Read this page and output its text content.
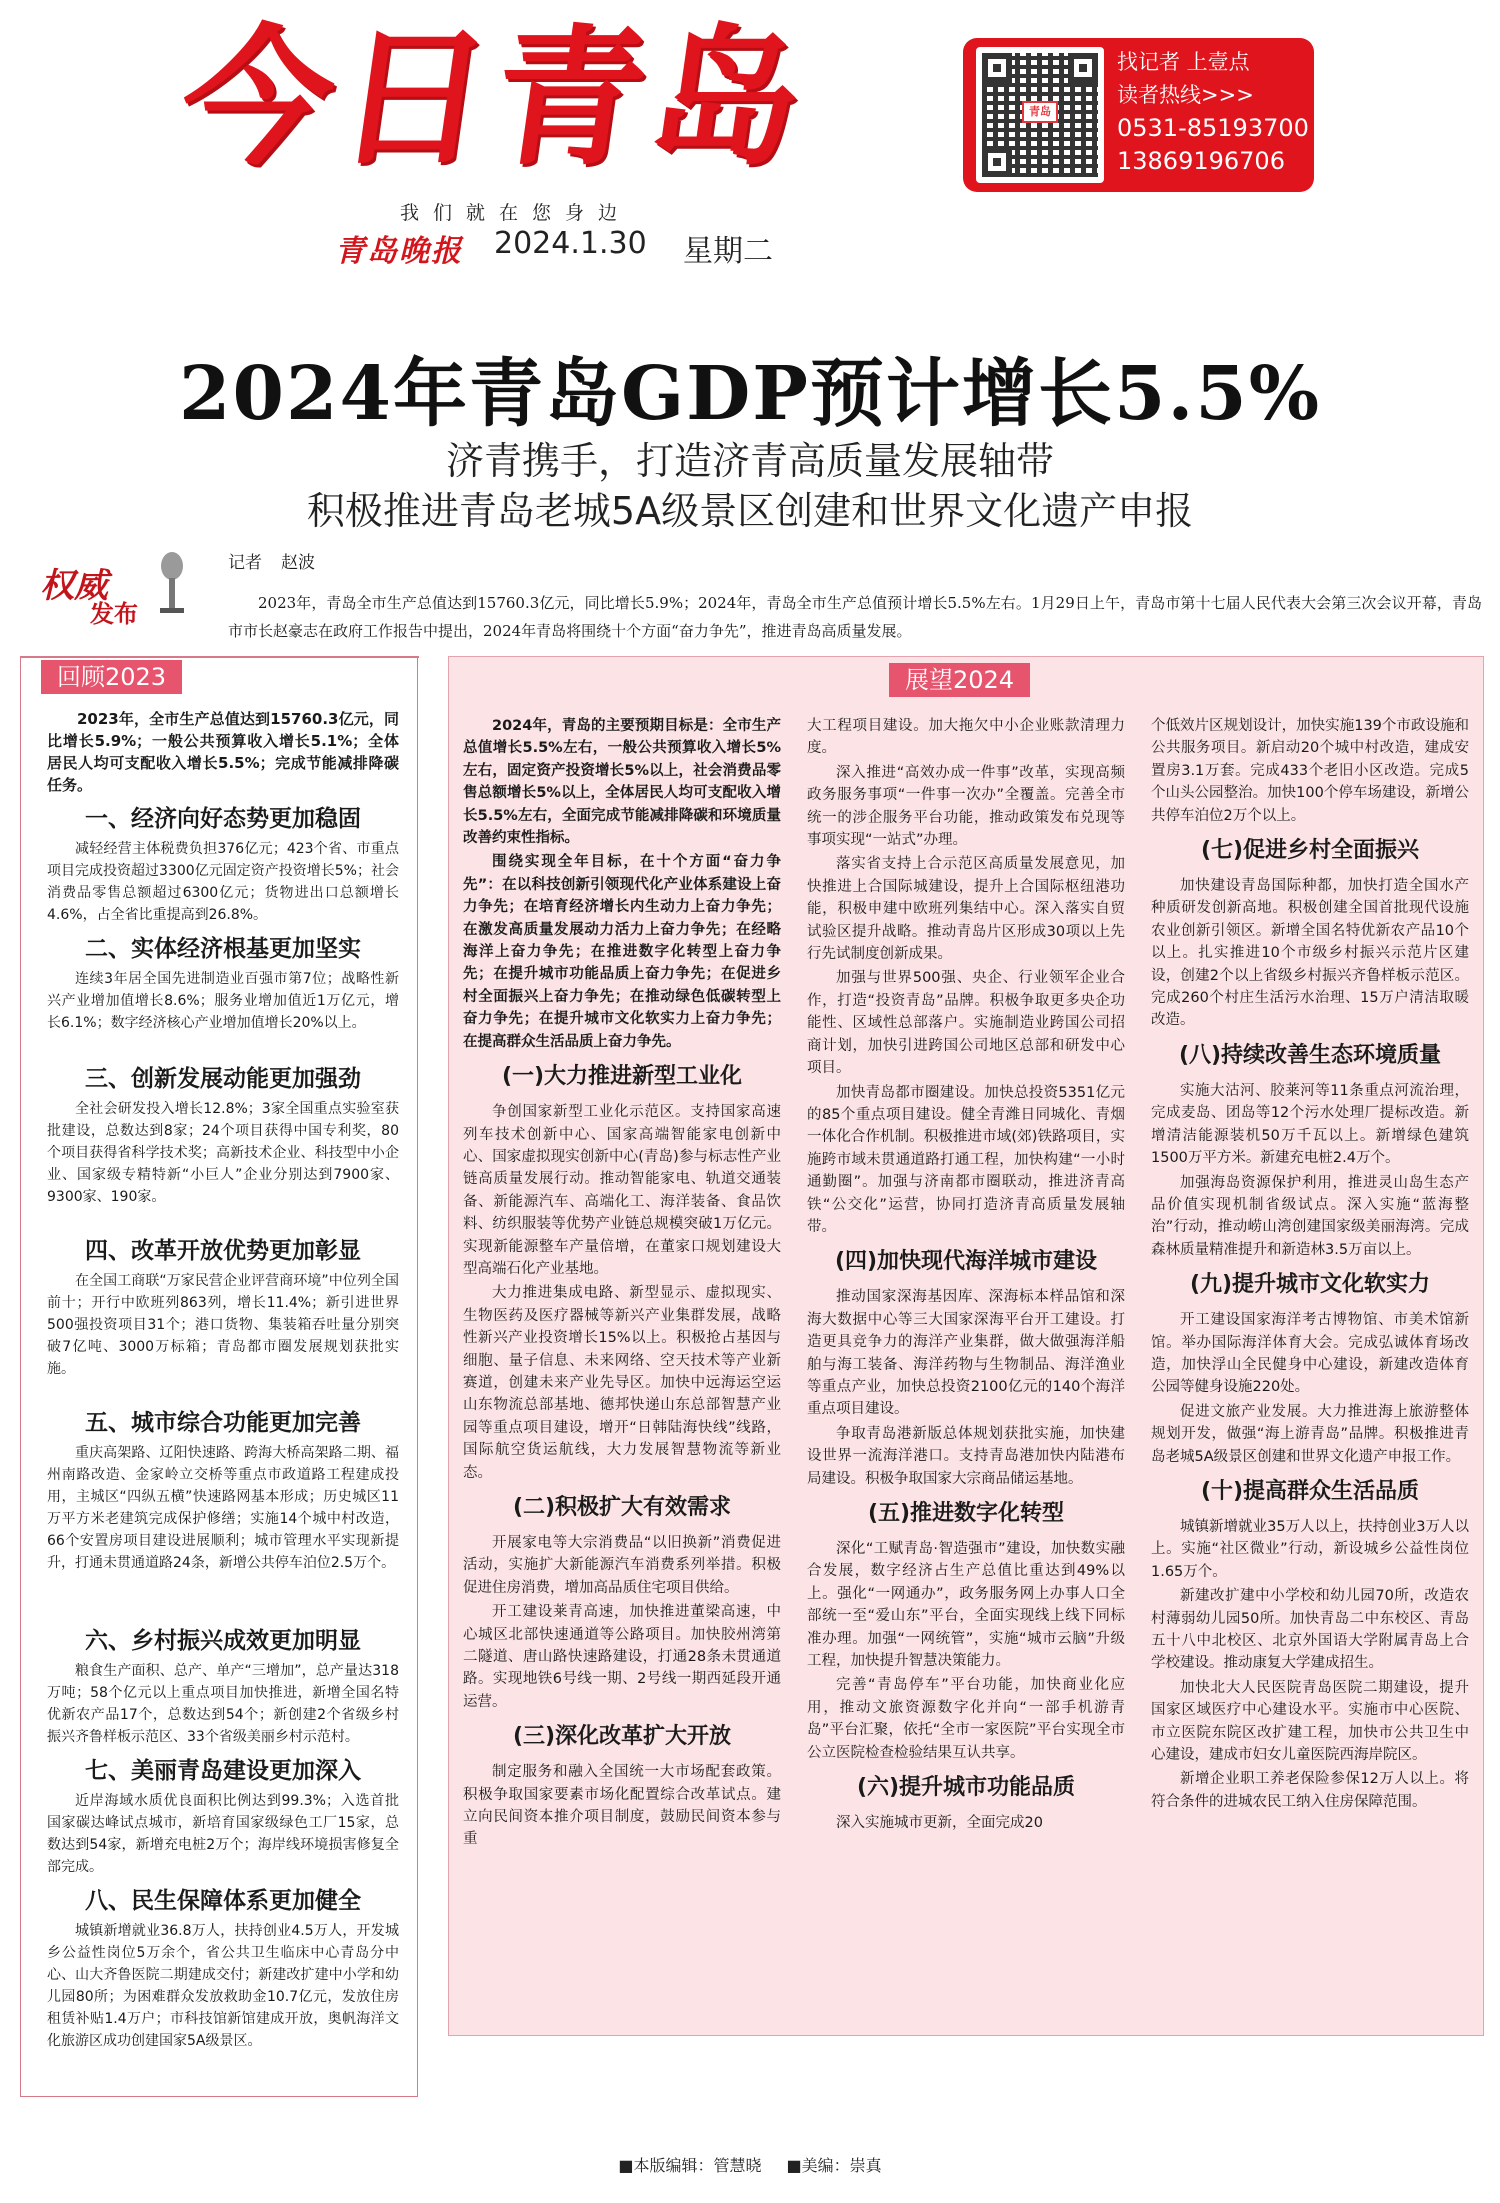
今日青岛
我们就在您身边
青岛晚报 2024.1.30 星期二
青岛
找记者 上壹点
读者热线>>>
0531-85193700
13869196706
2024年青岛GDP预计增长5.5%
济青携手，打造济青高质量发展轴带
积极推进青岛老城5A级景区创建和世界文化遗产申报
权威
发布
记者 赵波

2023年，青岛全市生产总值达到15760.3亿元，同比增长5.9%；2024年，青岛全市生产总值预计增长5.5%左右。1月29日上午，青岛市第十七届人民代表大会第三次会议开幕，青岛市市长赵豪志在政府工作报告中提出，2024年青岛将围绕十个方面“奋力争先”，推进青岛高质量发展。

回顾2023

2023年，全市生产总值达到15760.3亿元，同比增长5.9%；一般公共预算收入增长5.1%；全体居民人均可支配收入增长5.5%；完成节能减排降碳任务。

一、经济向好态势更加稳固

减轻经营主体税费负担376亿元；423个省、市重点项目完成投资超过3300亿元固定资产投资增长5%；社会消费品零售总额超过6300亿元；货物进出口总额增长4.6%，占全省比重提高到26.8%。

二、实体经济根基更加坚实

连续3年居全国先进制造业百强市第7位；战略性新兴产业增加值增长8.6%；服务业增加值近1万亿元，增长6.1%；数字经济核心产业增加值增长20%以上。

三、创新发展动能更加强劲

全社会研发投入增长12.8%；3家全国重点实验室获批建设，总数达到8家；24个项目获得中国专利奖，80个项目获得省科学技术奖；高新技术企业、科技型中小企业、国家级专精特新“小巨人”企业分别达到7900家、9300家、190家。

四、改革开放优势更加彰显

在全国工商联“万家民营企业评营商环境”中位列全国前十；开行中欧班列863列，增长11.4%；新引进世界500强投资项目31个；港口货物、集装箱吞吐量分别突破7亿吨、3000万标箱；青岛都市圈发展规划获批实施。

五、城市综合功能更加完善

重庆高架路、辽阳快速路、跨海大桥高架路二期、福州南路改造、金家岭立交桥等重点市政道路工程建成投用，主城区“四纵五横”快速路网基本形成；历史城区11万平方米老建筑完成保护修缮；实施14个城中村改造，66个安置房项目建设进展顺利；城市管理水平实现新提升，打通未贯通道路24条，新增公共停车泊位2.5万个。

六、乡村振兴成效更加明显

粮食生产面积、总产、单产“三增加”，总产量达318万吨；58个亿元以上重点项目加快推进，新增全国名特优新农产品17个，总数达到54个；新创建2个省级乡村振兴齐鲁样板示范区、33个省级美丽乡村示范村。

七、美丽青岛建设更加深入

近岸海域水质优良面积比例达到99.3%；入选首批国家碳达峰试点城市，新培育国家级绿色工厂15家，总数达到54家，新增充电桩2万个；海岸线环境损害修复全部完成。

八、民生保障体系更加健全

城镇新增就业36.8万人，扶持创业4.5万人，开发城乡公益性岗位5万余个，省公共卫生临床中心青岛分中心、山大齐鲁医院二期建成交付；新建改扩建中小学和幼儿园80所；为困难群众发放救助金10.7亿元，发放住房租赁补贴1.4万户；市科技馆新馆建成开放，奥帆海洋文化旅游区成功创建国家5A级景区。

展望2024

2024年，青岛的主要预期目标是：全市生产总值增长5.5%左右，一般公共预算收入增长5%左右，固定资产投资增长5%以上，社会消费品零售总额增长5%以上，全体居民人均可支配收入增长5.5%左右，全面完成节能减排降碳和环境质量改善约束性指标。

围绕实现全年目标，在十个方面“奋力争先”：在以科技创新引领现代化产业体系建设上奋力争先；在培育经济增长内生动力上奋力争先；在激发高质量发展动力活力上奋力争先；在经略海洋上奋力争先；在推进数字化转型上奋力争先；在提升城市功能品质上奋力争先；在促进乡村全面振兴上奋力争先；在推动绿色低碳转型上奋力争先；在提升城市文化软实力上奋力争先；在提高群众生活品质上奋力争先。

(一)大力推进新型工业化

争创国家新型工业化示范区。支持国家高速列车技术创新中心、国家高端智能家电创新中心、国家虚拟现实创新中心(青岛)参与标志性产业链高质量发展行动。推动智能家电、轨道交通装备、新能源汽车、高端化工、海洋装备、食品饮料、纺织服装等优势产业链总规模突破1万亿元。实现新能源整车产量倍增，在董家口规划建设大型高端石化产业基地。

大力推进集成电路、新型显示、虚拟现实、生物医药及医疗器械等新兴产业集群发展，战略性新兴产业投资增长15%以上。积极抢占基因与细胞、量子信息、未来网络、空天技术等产业新赛道，创建未来产业先导区。加快中远海运空运山东物流总部基地、德邦快递山东总部智慧产业园等重点项目建设，增开“日韩陆海快线”线路，国际航空货运航线，大力发展智慧物流等新业态。

(二)积极扩大有效需求

开展家电等大宗消费品“以旧换新”消费促进活动，实施扩大新能源汽车消费系列举措。积极促进住房消费，增加高品质住宅项目供给。

开工建设莱青高速，加快推进董梁高速，中心城区北部快速通道等公路项目。加快胶州湾第二隧道、唐山路快速路建设，打通28条未贯通道路。实现地铁6号线一期、2号线一期西延段开通运营。

(三)深化改革扩大开放

制定服务和融入全国统一大市场配套政策。积极争取国家要素市场化配置综合改革试点。建立向民间资本推介项目制度，鼓励民间资本参与重

大工程项目建设。加大拖欠中小企业账款清理力度。

深入推进“高效办成一件事”改革，实现高频政务服务事项“一件事一次办”全覆盖。完善全市统一的涉企服务平台功能，推动政策发布兑现等事项实现“一站式”办理。

落实省支持上合示范区高质量发展意见，加快推进上合国际城建设，提升上合国际枢纽港功能，积极申建中欧班列集结中心。深入落实自贸试验区提升战略。推动青岛片区形成30项以上先行先试制度创新成果。

加强与世界500强、央企、行业领军企业合作，打造“投资青岛”品牌。积极争取更多央企功能性、区域性总部落户。实施制造业跨国公司招商计划，加快引进跨国公司地区总部和研发中心项目。

加快青岛都市圈建设。加快总投资5351亿元的85个重点项目建设。健全青潍日同城化、青烟一体化合作机制。积极推进市域(郊)铁路项目，实施跨市域未贯通道路打通工程，加快构建“一小时通勤圈”。加强与济南都市圈联动，推进济青高铁“公交化”运营，协同打造济青高质量发展轴带。

(四)加快现代海洋城市建设

推动国家深海基因库、深海标本样品馆和深海大数据中心等三大国家深海平台开工建设。打造更具竞争力的海洋产业集群，做大做强海洋船舶与海工装备、海洋药物与生物制品、海洋渔业等重点产业，加快总投资2100亿元的140个海洋重点项目建设。

争取青岛港新版总体规划获批实施，加快建设世界一流海洋港口。支持青岛港加快内陆港布局建设。积极争取国家大宗商品储运基地。

(五)推进数字化转型

深化“工赋青岛·智造强市”建设，加快数实融合发展，数字经济占生产总值比重达到49%以上。强化“一网通办”，政务服务网上办事人口全部统一至“爱山东”平台，全面实现线上线下同标准办理。加强“一网统管”，实施“城市云脑”升级工程，加快提升智慧决策能力。

完善“青岛停车”平台功能，加快商业化应用，推动文旅资源数字化并向“一部手机游青岛”平台汇聚，依托“全市一家医院”平台实现全市公立医院检查检验结果互认共享。

(六)提升城市功能品质

深入实施城市更新，全面完成20

个低效片区规划设计，加快实施139个市政设施和公共服务项目。新启动20个城中村改造，建成安置房3.1万套。完成433个老旧小区改造。完成5个山头公园整治。加快100个停车场建设，新增公共停车泊位2万个以上。

(七)促进乡村全面振兴

加快建设青岛国际种都，加快打造全国水产种质研发创新高地。积极创建全国首批现代设施农业创新引领区。新增全国名特优新农产品10个以上。扎实推进10个市级乡村振兴示范片区建设，创建2个以上省级乡村振兴齐鲁样板示范区。完成260个村庄生活污水治理、15万户清洁取暖改造。

(八)持续改善生态环境质量

实施大沽河、胶莱河等11条重点河流治理，完成麦岛、团岛等12个污水处理厂提标改造。新增清洁能源装机50万千瓦以上。新增绿色建筑1500万平方米。新建充电桩2.4万个。

加强海岛资源保护利用，推进灵山岛生态产品价值实现机制省级试点。深入实施“蓝海整治”行动，推动崂山湾创建国家级美丽海湾。完成森林质量精准提升和新造林3.5万亩以上。

(九)提升城市文化软实力

开工建设国家海洋考古博物馆、市美术馆新馆。举办国际海洋体育大会。完成弘诚体育场改造，加快浮山全民健身中心建设，新建改造体育公园等健身设施220处。

促进文旅产业发展。大力推进海上旅游整体规划开发，做强“海上游青岛”品牌。积极推进青岛老城5A级景区创建和世界文化遗产申报工作。

(十)提高群众生活品质

城镇新增就业35万人以上，扶持创业3万人以上。实施“社区微业”行动，新设城乡公益性岗位1.65万个。

新建改扩建中小学校和幼儿园70所，改造农村薄弱幼儿园50所。加快青岛二中东校区、青岛五十八中北校区、北京外国语大学附属青岛上合学校建设。推动康复大学建成招生。

加快北大人民医院青岛医院二期建设，提升国家区域医疗中心建设水平。实施市中心医院、市立医院东院区改扩建工程，加快市公共卫生中心建设，建成市妇女儿童医院西海岸院区。

新增企业职工养老保险参保12万人以上。将符合条件的进城农民工纳入住房保障范围。

■本版编辑：管慧晓 ■美编：崇真
